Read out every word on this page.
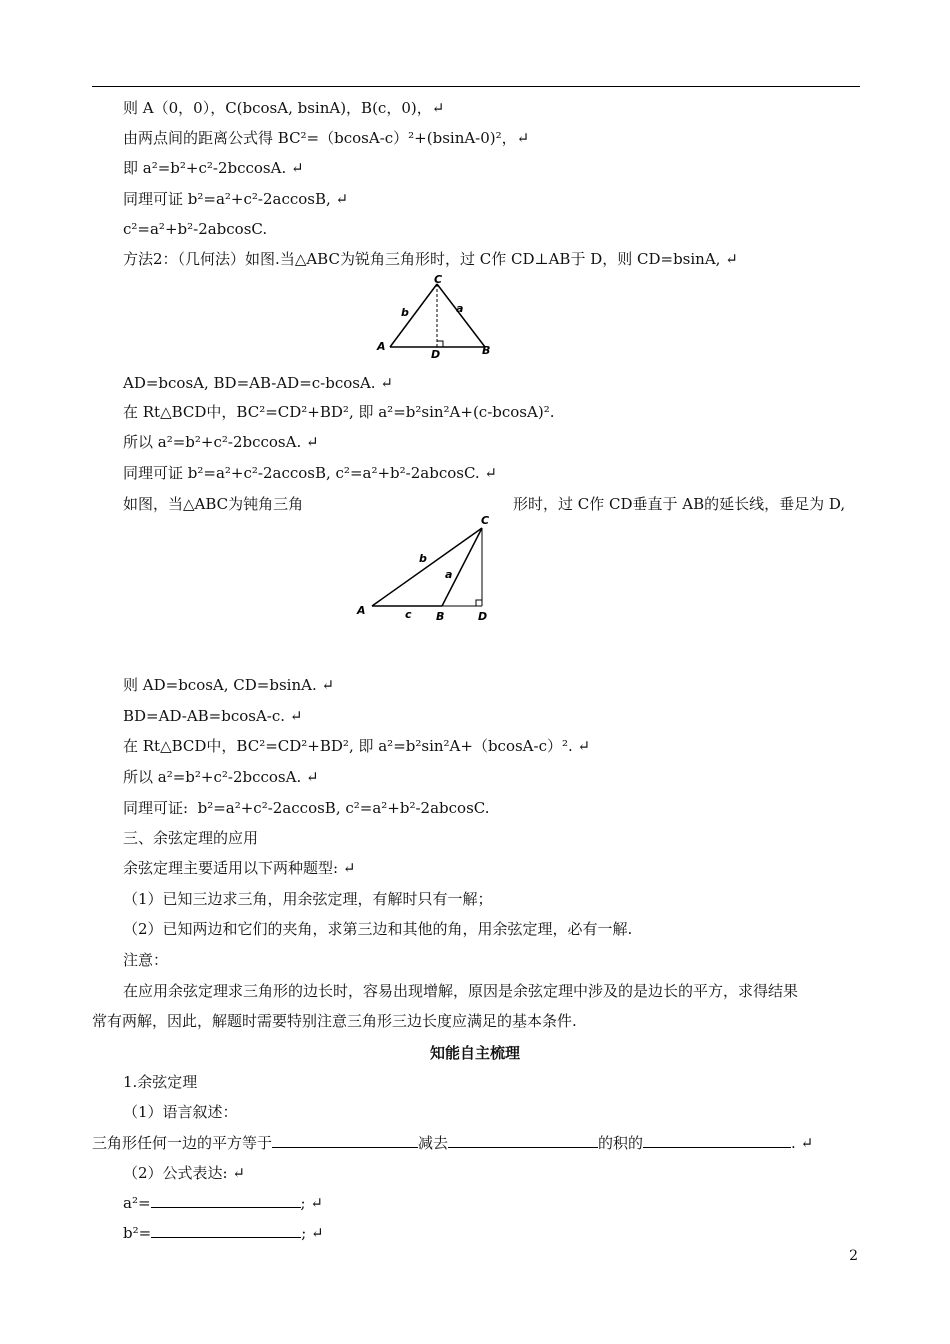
则 A（0，0），C(bcosA, bsinA)，B(c，0)，↵
由两点间的距离公式得 BC²=（bcosA-c）²+(bsinA-0)²，↵
即 a²=b²+c²-2bccosA. ↵
同理可证 b²=a²+c²-2accosB, ↵
c²=a²+b²-2abcosC.
方法2：（几何法）如图.当△ABC为锐角三角形时，过 C作 CD⊥AB于 D，则 CD=bsinA, ↵
C
b	a
A
D	B
AD=bcosA, BD=AB-AD=c-bcosA. ↵
在 Rt△BCD中，BC²=CD²+BD², 即 a²=b²sin²A+(c-bcosA)².
所以 a²=b²+c²-2bccosA. ↵
同理可证 b²=a²+c²-2accosB, c²=a²+b²-2abcosC. ↵
如图，当△ABC为钝角三角	形时，过 C作 CD垂直于 AB的延长线，垂足为 D,
C
b
a
A	c B	D
则 AD=bcosA, CD=bsinA. ↵
BD=AD-AB=bcosA-c. ↵
在 Rt△BCD中，BC²=CD²+BD², 即 a²=b²sin²A+（bcosA-c）². ↵
所以 a²=b²+c²-2bccosA. ↵
同理可证:  b²=a²+c²-2accosB, c²=a²+b²-2abcosC.
三、余弦定理的应用
余弦定理主要适用以下两种题型: ↵
（1）已知三边求三角，用余弦定理，有解时只有一解；
（2）已知两边和它们的夹角，求第三边和其他的角，用余弦定理，必有一解.
注意：
在应用余弦定理求三角形的边长时，容易出现增解，原因是余弦定理中涉及的是边长的平方，求得结果
常有两解，因此，解题时需要特别注意三角形三边长度应满足的基本条件.
知能自主梳理
1.余弦定理
（1）语言叙述：
三角形任何一边的平方等于	减去	的积的	. ↵
（2）公式表达: ↵
a²=	; ↵
b²=	; ↵
2
